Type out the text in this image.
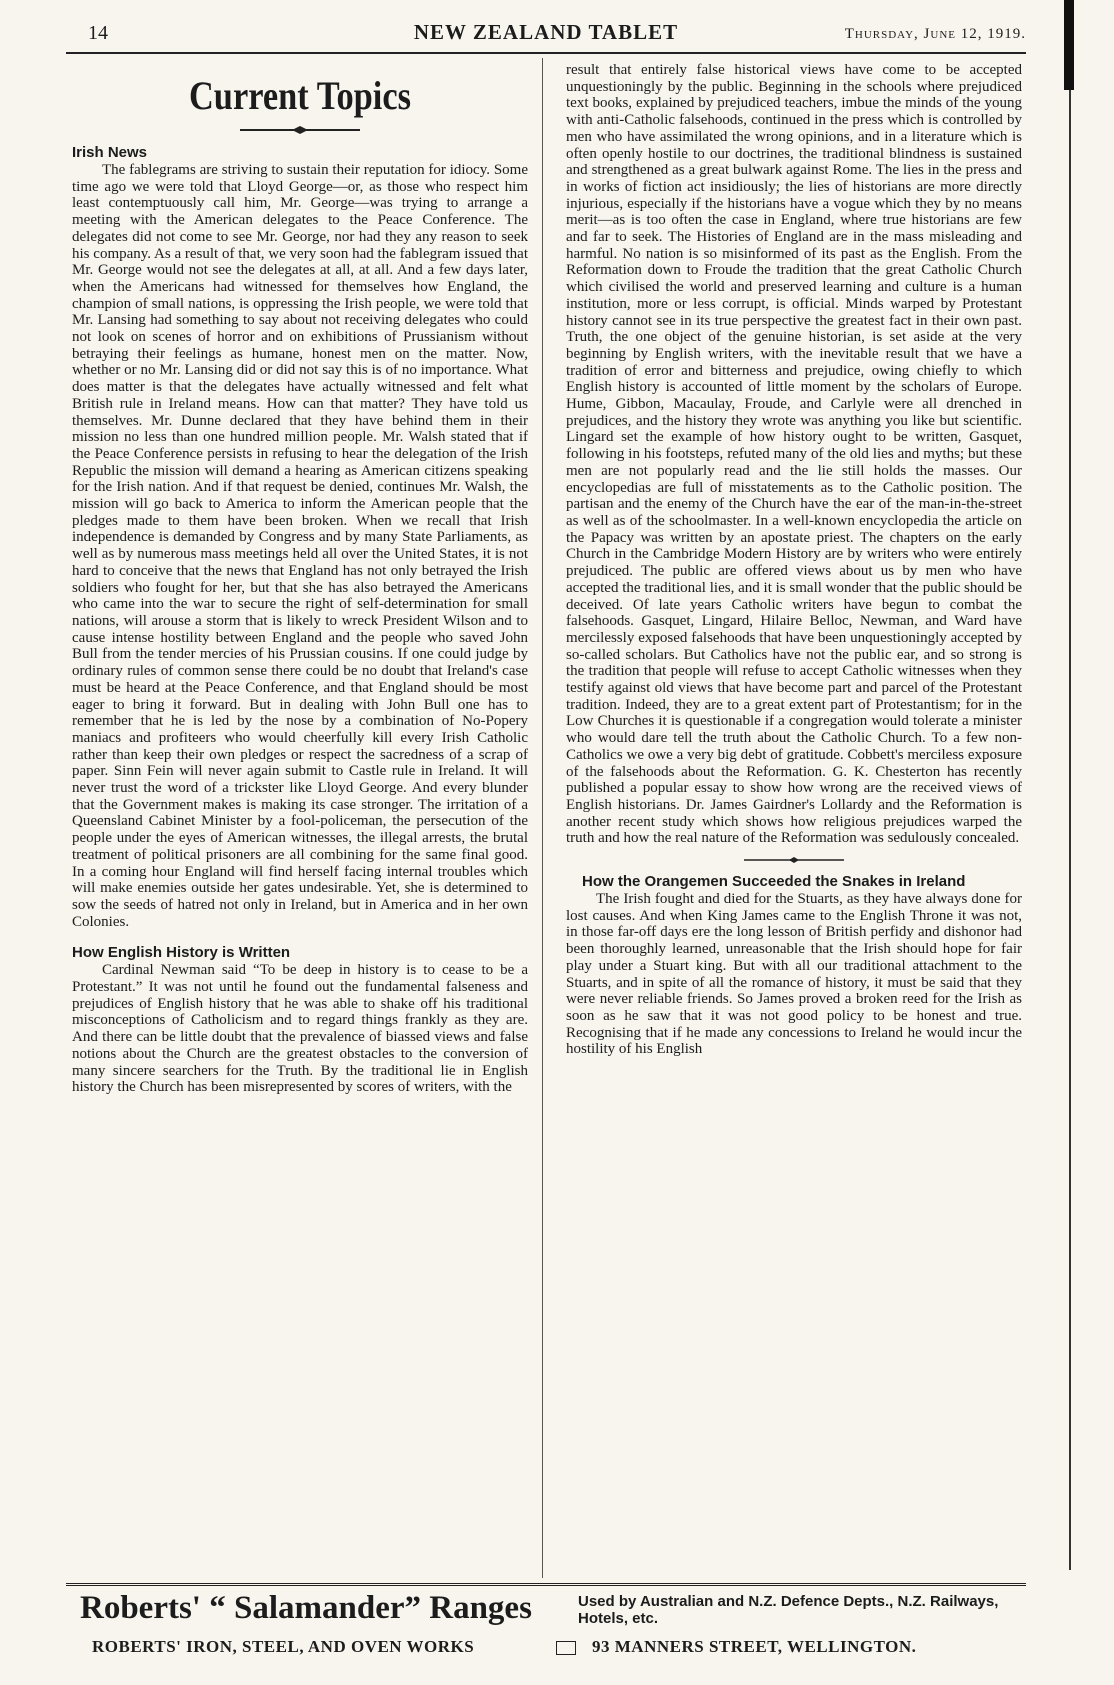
14	NEW ZEALAND TABLET	Thursday, June 12, 1919.
Current Topics
Irish News

The fablegrams are striving to sustain their reputation for idiocy. Some time ago we were told that Lloyd George—or, as those who respect him least contemptuously call him, Mr. George—was trying to arrange a meeting with the American delegates to the Peace Conference. The delegates did not come to see Mr. George, nor had they any reason to seek his company. As a result of that, we very soon had the fablegram issued that Mr. George would not see the delegates at all, at all. And a few days later, when the Americans had witnessed for themselves how England, the champion of small nations, is oppressing the Irish people, we were told that Mr. Lansing had something to say about not receiving delegates who could not look on scenes of horror and on exhibitions of Prussianism without betraying their feelings as humane, honest men on the matter. Now, whether or no Mr. Lansing did or did not say this is of no importance. What does matter is that the delegates have actually witnessed and felt what British rule in Ireland means. How can that matter? They have told us themselves. Mr. Dunne declared that they have behind them in their mission no less than one hundred million people. Mr. Walsh stated that if the Peace Conference persists in refusing to hear the delegation of the Irish Republic the mission will demand a hearing as American citizens speaking for the Irish nation. And if that request be denied, continues Mr. Walsh, the mission will go back to America to inform the American people that the pledges made to them have been broken. When we recall that Irish independence is demanded by Congress and by many State Parliaments, as well as by numerous mass meetings held all over the United States, it is not hard to conceive that the news that England has not only betrayed the Irish soldiers who fought for her, but that she has also betrayed the Americans who came into the war to secure the right of self-determination for small nations, will arouse a storm that is likely to wreck President Wilson and to cause intense hostility between England and the people who saved John Bull from the tender mercies of his Prussian cousins. If one could judge by ordinary rules of common sense there could be no doubt that Ireland's case must be heard at the Peace Conference, and that England should be most eager to bring it forward. But in dealing with John Bull one has to remember that he is led by the nose by a combination of No-Popery maniacs and profiteers who would cheerfully kill every Irish Catholic rather than keep their own pledges or respect the sacredness of a scrap of paper. Sinn Fein will never again submit to Castle rule in Ireland. It will never trust the word of a trickster like Lloyd George. And every blunder that the Government makes is making its case stronger. The irritation of a Queensland Cabinet Minister by a fool-policeman, the persecution of the people under the eyes of American witnesses, the illegal arrests, the brutal treatment of political prisoners are all combining for the same final good. In a coming hour England will find herself facing internal troubles which will make enemies outside her gates undesirable. Yet, she is determined to sow the seeds of hatred not only in Ireland, but in America and in her own Colonies.

How English History is Written

Cardinal Newman said “To be deep in history is to cease to be a Protestant.” It was not until he found out the fundamental falseness and prejudices of English history that he was able to shake off his traditional misconceptions of Catholicism and to regard things frankly as they are. And there can be little doubt that the prevalence of biassed views and false notions about the Church are the greatest obstacles to the conversion of many sincere searchers for the Truth. By the traditional lie in English history the Church has been misrepresented by scores of writers, with the

result that entirely false historical views have come to be accepted unquestioningly by the public. Beginning in the schools where prejudiced text books, explained by prejudiced teachers, imbue the minds of the young with anti-Catholic falsehoods, continued in the press which is controlled by men who have assimilated the wrong opinions, and in a literature which is often openly hostile to our doctrines, the traditional blindness is sustained and strengthened as a great bulwark against Rome. The lies in the press and in works of fiction act insidiously; the lies of historians are more directly injurious, especially if the historians have a vogue which they by no means merit—as is too often the case in England, where true historians are few and far to seek. The Histories of England are in the mass misleading and harmful. No nation is so misinformed of its past as the English. From the Reformation down to Froude the tradition that the great Catholic Church which civilised the world and preserved learning and culture is a human institution, more or less corrupt, is official. Minds warped by Protestant history cannot see in its true perspective the greatest fact in their own past. Truth, the one object of the genuine historian, is set aside at the very beginning by English writers, with the inevitable result that we have a tradition of error and bitterness and prejudice, owing chiefly to which English history is accounted of little moment by the scholars of Europe. Hume, Gibbon, Macaulay, Froude, and Carlyle were all drenched in prejudices, and the history they wrote was anything you like but scientific. Lingard set the example of how history ought to be written, Gasquet, following in his footsteps, refuted many of the old lies and myths; but these men are not popularly read and the lie still holds the masses. Our encyclopedias are full of misstatements as to the Catholic position. The partisan and the enemy of the Church have the ear of the man-in-the-street as well as of the schoolmaster. In a well-known encyclopedia the article on the Papacy was written by an apostate priest. The chapters on the early Church in the Cambridge Modern History are by writers who were entirely prejudiced. The public are offered views about us by men who have accepted the traditional lies, and it is small wonder that the public should be deceived. Of late years Catholic writers have begun to combat the falsehoods. Gasquet, Lingard, Hilaire Belloc, Newman, and Ward have mercilessly exposed falsehoods that have been unquestioningly accepted by so-called scholars. But Catholics have not the public ear, and so strong is the tradition that people will refuse to accept Catholic witnesses when they testify against old views that have become part and parcel of the Protestant tradition. Indeed, they are to a great extent part of Protestantism; for in the Low Churches it is questionable if a congregation would tolerate a minister who would dare tell the truth about the Catholic Church. To a few non-Catholics we owe a very big debt of gratitude. Cobbett's merciless exposure of the falsehoods about the Reformation. G. K. Chesterton has recently published a popular essay to show how wrong are the received views of English historians. Dr. James Gairdner's Lollardy and the Reformation is another recent study which shows how religious prejudices warped the truth and how the real nature of the Reformation was sedulously concealed.

How the Orangemen Succeeded the Snakes in Ireland

The Irish fought and died for the Stuarts, as they have always done for lost causes. And when King James came to the English Throne it was not, in those far-off days ere the long lesson of British perfidy and dishonor had been thoroughly learned, unreasonable that the Irish should hope for fair play under a Stuart king. But with all our traditional attachment to the Stuarts, and in spite of all the romance of history, it must be said that they were never reliable friends. So James proved a broken reed for the Irish as soon as he saw that it was not good policy to be honest and true. Recognising that if he made any concessions to Ireland he would incur the hostility of his English

Roberts' “ Salamander” Ranges
ROBERTS' IRON, STEEL, AND OVEN WORKS
Used by Australian and N.Z. Defence Depts., N.Z. Railways, Hotels, etc.
93 MANNERS STREET, WELLINGTON.
